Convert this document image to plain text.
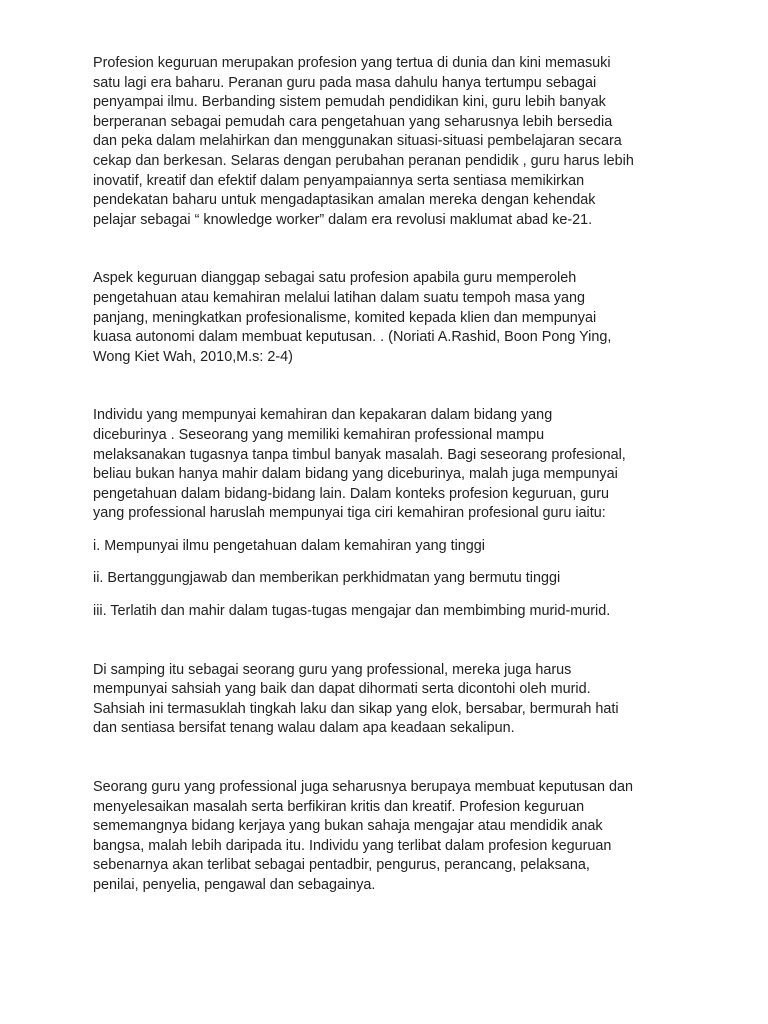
Profesion keguruan merupakan profesion yang tertua di dunia dan kini memasuki
satu lagi era baharu. Peranan guru pada masa dahulu hanya tertumpu sebagai
penyampai ilmu. Berbanding sistem pemudah pendidikan kini, guru lebih banyak
berperanan sebagai pemudah cara pengetahuan yang seharusnya lebih bersedia
dan peka dalam melahirkan dan menggunakan situasi-situasi pembelajaran secara
cekap dan berkesan. Selaras dengan perubahan peranan pendidik , guru harus lebih
inovatif, kreatif dan efektif dalam penyampaiannya serta sentiasa memikirkan
pendekatan baharu untuk mengadaptasikan amalan mereka dengan kehendak
pelajar sebagai “ knowledge worker” dalam era revolusi maklumat abad ke-21.

Aspek keguruan dianggap sebagai satu profesion apabila guru memperoleh
pengetahuan atau kemahiran melalui latihan dalam suatu tempoh masa yang
panjang, meningkatkan profesionalisme, komited kepada klien dan mempunyai
kuasa autonomi dalam membuat keputusan. . (Noriati A.Rashid, Boon Pong Ying,
Wong Kiet Wah, 2010,M.s: 2-4)

Individu yang mempunyai kemahiran dan kepakaran dalam bidang yang
diceburinya . Seseorang yang memiliki kemahiran professional mampu
melaksanakan tugasnya tanpa timbul banyak masalah. Bagi seseorang profesional,
beliau bukan hanya mahir dalam bidang yang diceburinya, malah juga mempunyai
pengetahuan dalam bidang-bidang lain. Dalam konteks profesion keguruan, guru
yang professional haruslah mempunyai tiga ciri kemahiran profesional guru iaitu:

i. Mempunyai ilmu pengetahuan dalam kemahiran yang tinggi

ii. Bertanggungjawab dan memberikan perkhidmatan yang bermutu tinggi

iii. Terlatih dan mahir dalam tugas-tugas mengajar dan membimbing murid-murid.

Di samping itu sebagai seorang guru yang professional, mereka juga harus
mempunyai sahsiah yang baik dan dapat dihormati serta dicontohi oleh murid.
Sahsiah ini termasuklah tingkah laku dan sikap yang elok, bersabar, bermurah hati
dan sentiasa bersifat tenang walau dalam apa keadaan sekalipun.

Seorang guru yang professional juga seharusnya berupaya membuat keputusan dan
menyelesaikan masalah serta berfikiran kritis dan kreatif. Profesion keguruan
sememangnya bidang kerjaya yang bukan sahaja mengajar atau mendidik anak
bangsa, malah lebih daripada itu. Individu yang terlibat dalam profesion keguruan
sebenarnya akan terlibat sebagai pentadbir, pengurus, perancang, pelaksana,
penilai, penyelia, pengawal dan sebagainya.
